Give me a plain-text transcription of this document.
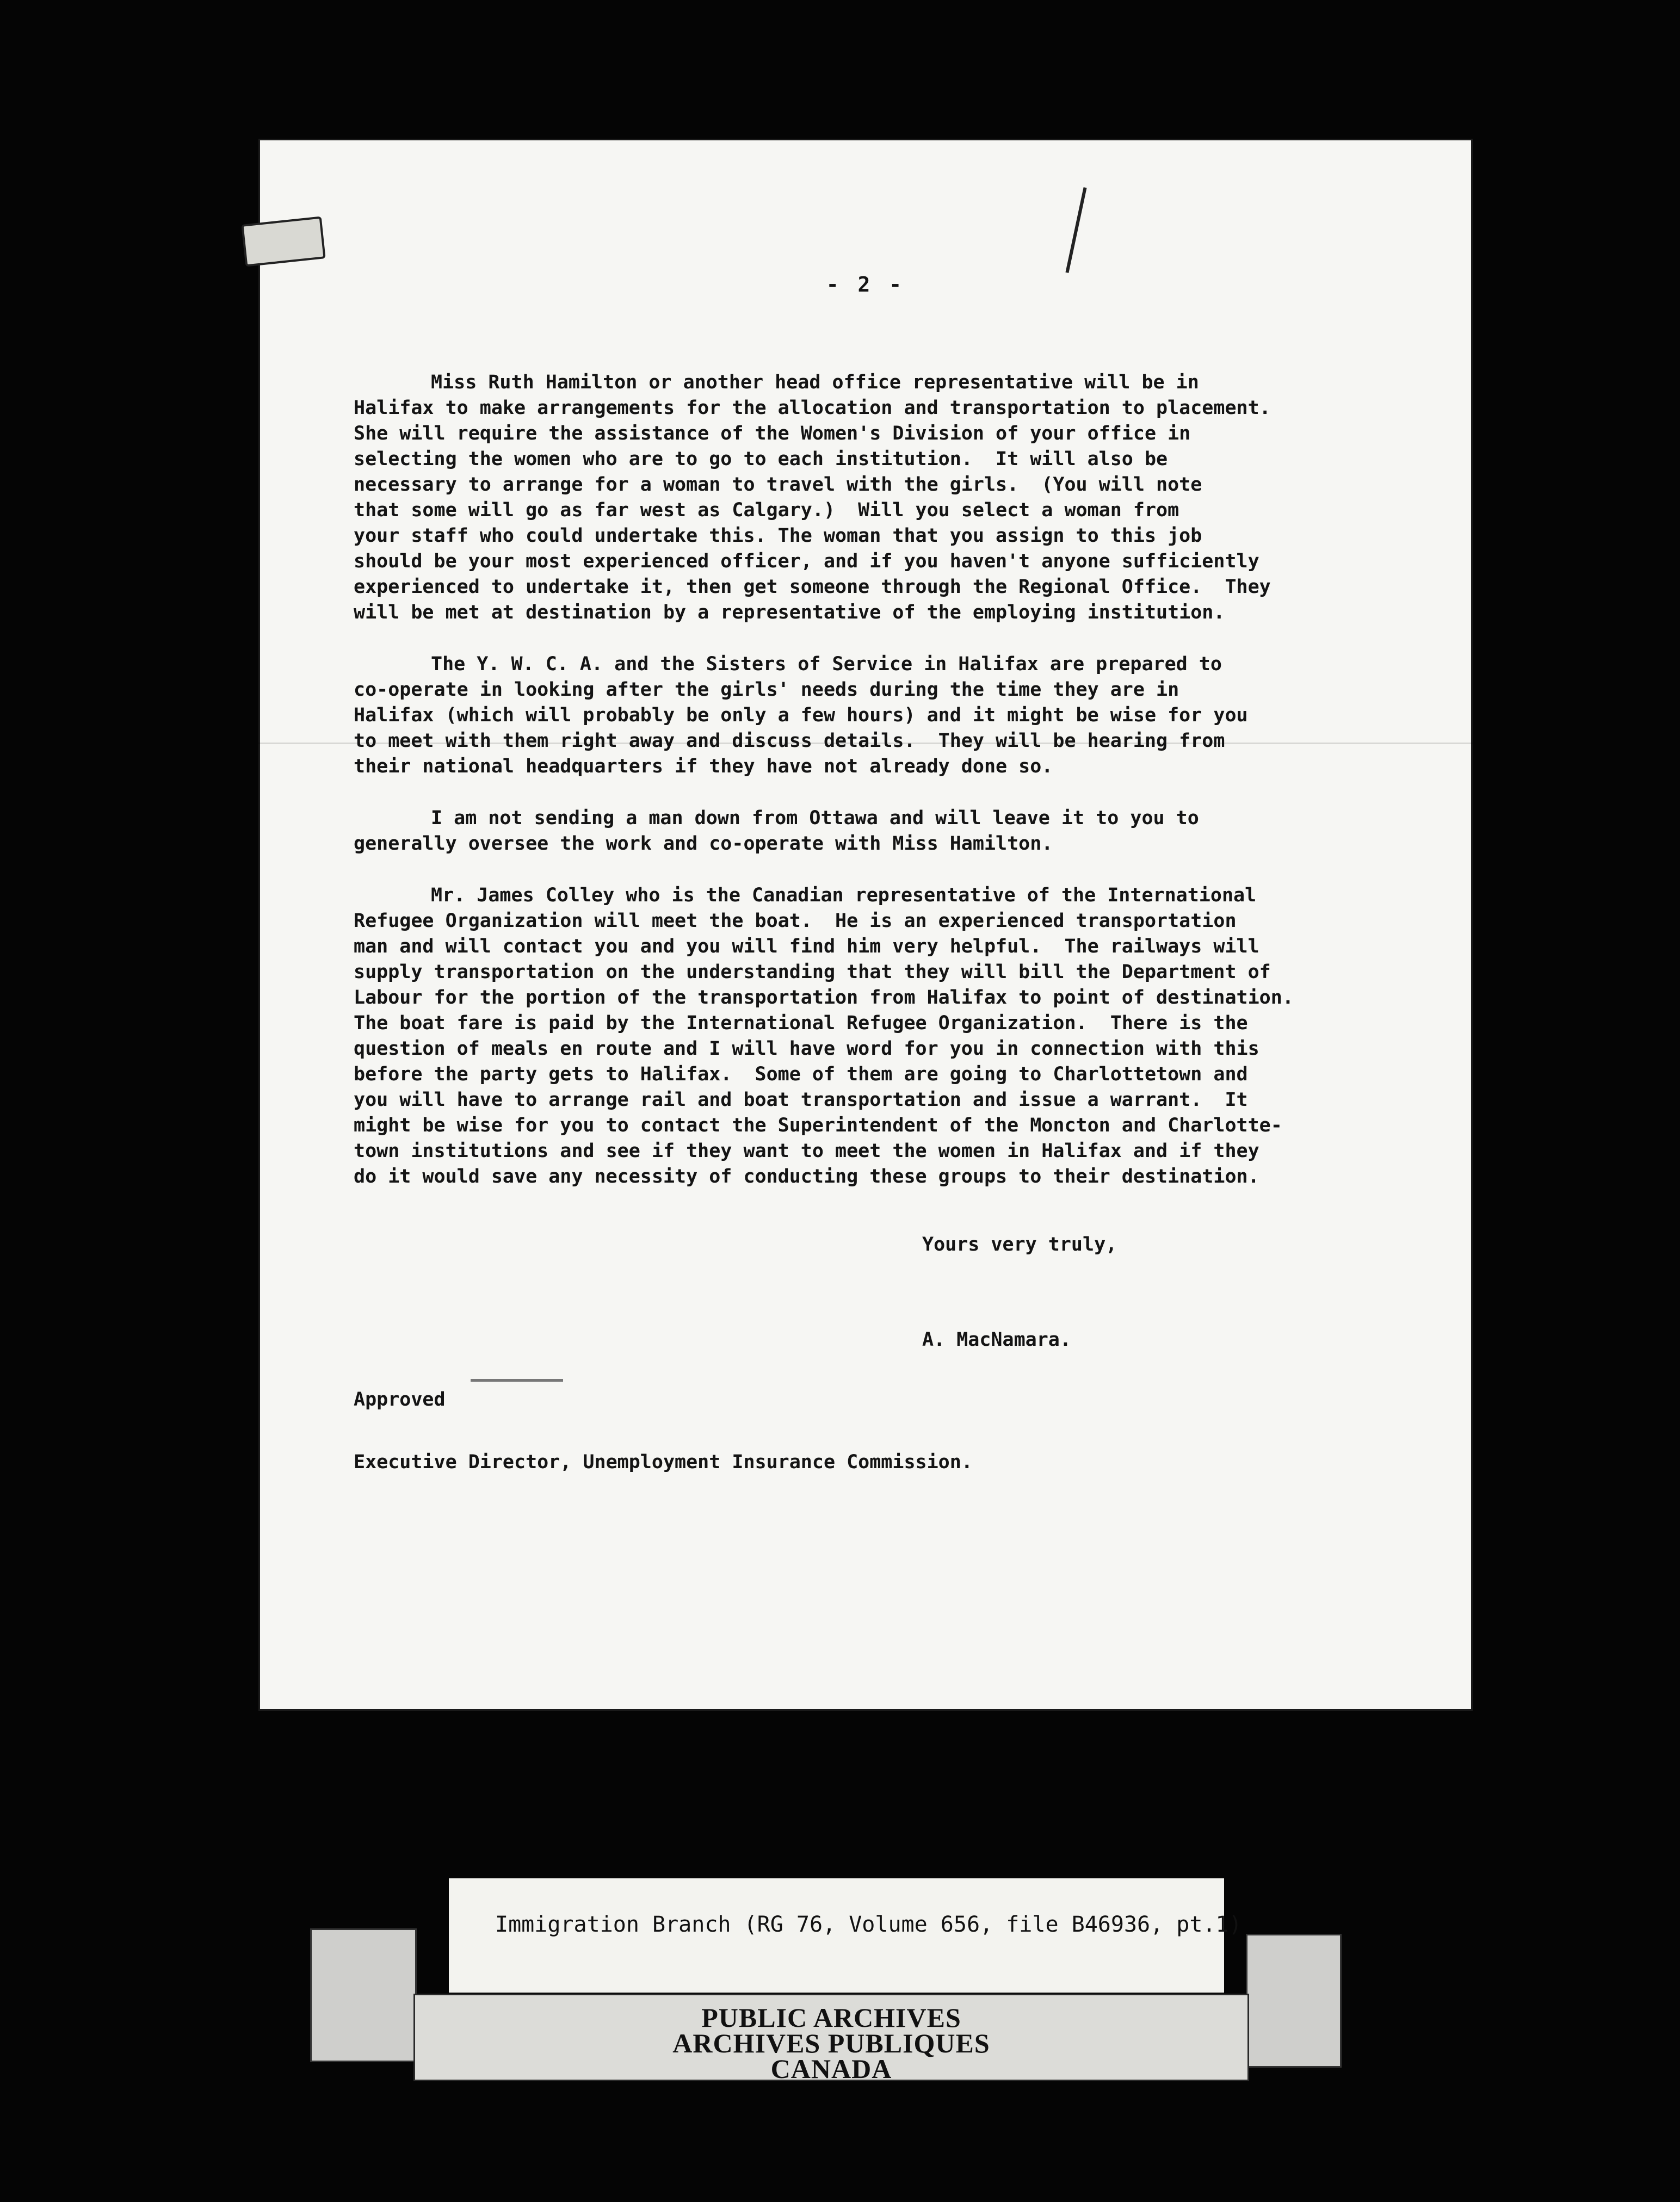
- 2 -
Miss Ruth Hamilton or another head office representative will be in
Halifax to make arrangements for the allocation and transportation to placement.
She will require the assistance of the Women's Division of your office in
selecting the women who are to go to each institution.  It will also be
necessary to arrange for a woman to travel with the girls.  (You will note
that some will go as far west as Calgary.)  Will you select a woman from
your staff who could undertake this. The woman that you assign to this job
should be your most experienced officer, and if you haven't anyone sufficiently
experienced to undertake it, then get someone through the Regional Office.  They
will be met at destination by a representative of the employing institution.
The Y. W. C. A. and the Sisters of Service in Halifax are prepared to
co-operate in looking after the girls' needs during the time they are in
Halifax (which will probably be only a few hours) and it might be wise for you
to meet with them right away and discuss details.  They will be hearing from
their national headquarters if they have not already done so.
I am not sending a man down from Ottawa and will leave it to you to
generally oversee the work and co-operate with Miss Hamilton.
Mr. James Colley who is the Canadian representative of the International
Refugee Organization will meet the boat.  He is an experienced transportation
man and will contact you and you will find him very helpful.  The railways will
supply transportation on the understanding that they will bill the Department of
Labour for the portion of the transportation from Halifax to point of destination.
The boat fare is paid by the International Refugee Organization.  There is the
question of meals en route and I will have word for you in connection with this
before the party gets to Halifax.  Some of them are going to Charlottetown and
you will have to arrange rail and boat transportation and issue a warrant.  It
might be wise for you to contact the Superintendent of the Moncton and Charlotte-
town institutions and see if they want to meet the women in Halifax and if they
do it would save any necessity of conducting these groups to their destination.
Yours very truly,
A. MacNamara.
Approved
Executive Director, Unemployment Insurance Commission.
Immigration Branch (RG 76, Volume 656, file B46936, pt.1)
PUBLIC ARCHIVES
ARCHIVES PUBLIQUES
CANADA
